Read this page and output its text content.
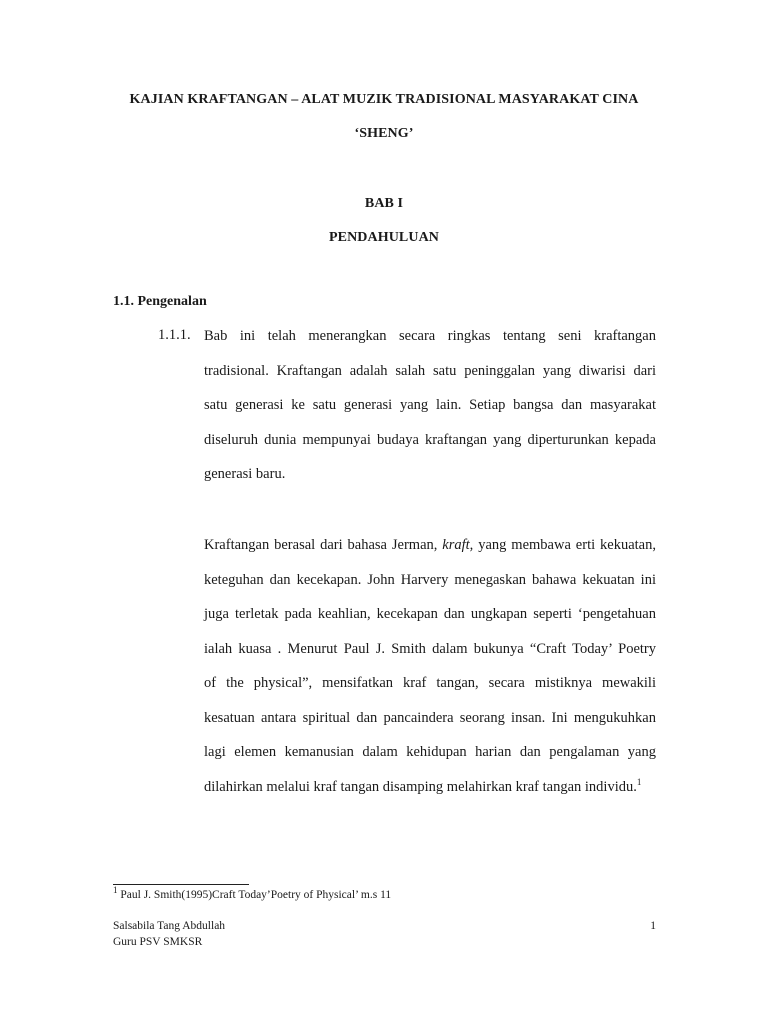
KAJIAN KRAFTANGAN – ALAT MUZIK TRADISIONAL MASYARAKAT CINA
‘SHENG’
BAB I
PENDAHULUAN
1.1. Pengenalan
1.1.1. Bab ini telah menerangkan secara ringkas tentang seni kraftangan
tradisional. Kraftangan adalah salah satu peninggalan yang diwarisi dari
satu generasi ke satu generasi yang lain. Setiap bangsa dan masyarakat
diseluruh dunia mempunyai budaya kraftangan yang diperturunkan kepada
generasi baru.
Kraftangan berasal dari bahasa Jerman, kraft, yang membawa erti kekuatan,
keteguhan dan kecekapan. John Harvery menegaskan bahawa kekuatan ini
juga terletak pada keahlian, kecekapan dan ungkapan seperti ‘pengetahuan
ialah kuasa . Menurut Paul J. Smith dalam bukunya “Craft Today’ Poetry
of the physical”, mensifatkan kraf tangan, secara mistiknya mewakili
kesatuan antara spiritual dan pancaindera seorang insan. Ini mengukuhkan
lagi elemen kemanusian dalam kehidupan harian dan pengalaman yang
dilahirkan melalui kraf tangan disamping melahirkan kraf tangan individu.$^1$
$^1$ Paul J. Smith(1995)Craft Today’Poetry of Physical’ m.s 11
Salsabila Tang Abdullah
Guru PSV SMKSR
1
